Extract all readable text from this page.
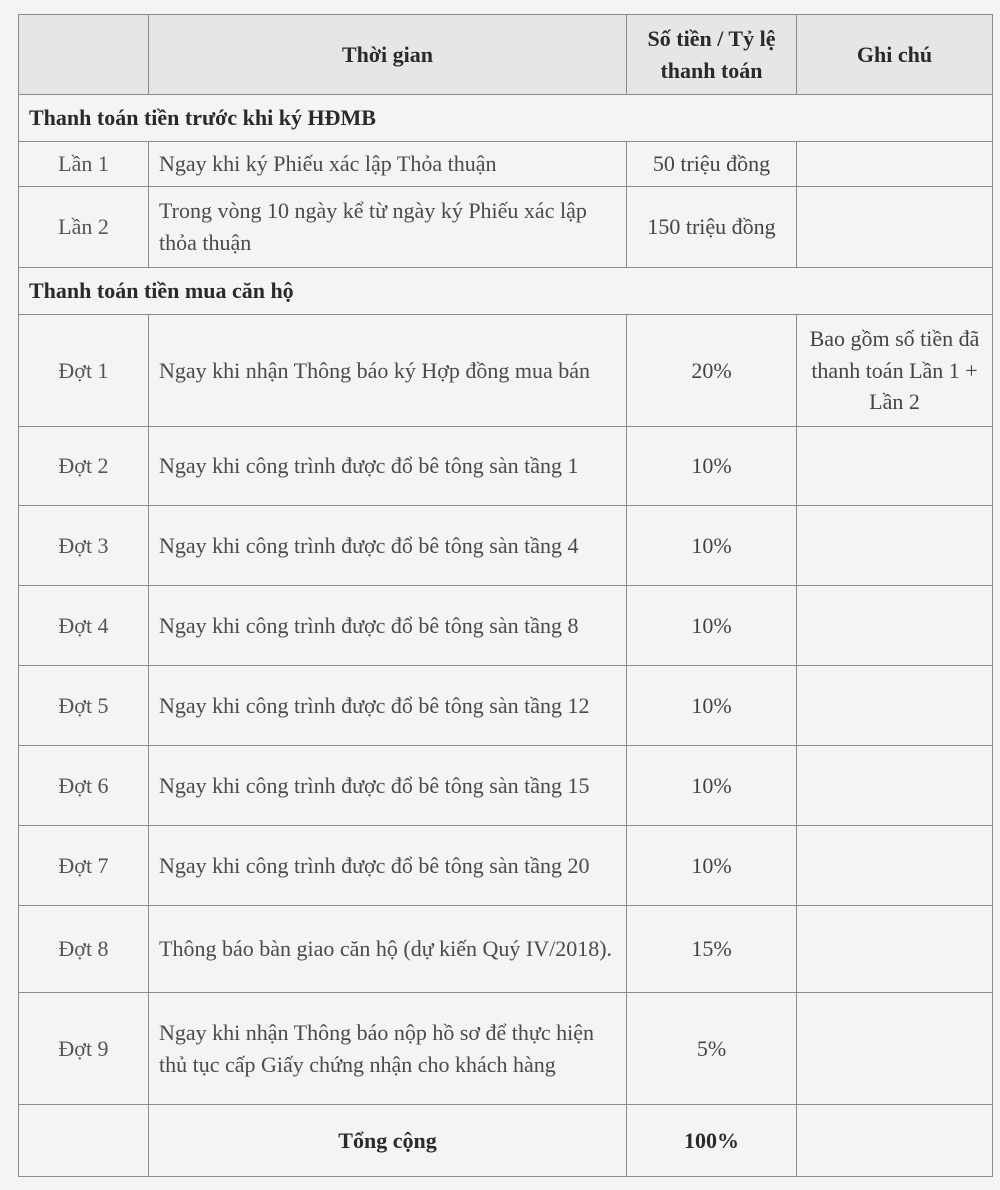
	Thời gian	Số tiền / Tỷ lệ thanh toán	Ghi chú
Thanh toán tiền trước khi ký HĐMB			
Lần 1	Ngay khi ký Phiếu xác lập Thỏa thuận	50 triệu đồng	
Lần 2	Trong vòng 10 ngày kể từ ngày ký Phiếu xác lập thỏa thuận	150 triệu đồng	
Thanh toán tiền mua căn hộ			
Đợt 1	Ngay khi nhận Thông báo ký Hợp đồng mua bán	20%	Bao gồm số tiền đã thanh toán Lần 1 + Lần 2
Đợt 2	Ngay khi công trình được đổ bê tông sàn tầng 1	10%	
Đợt 3	Ngay khi công trình được đổ bê tông sàn tầng 4	10%	
Đợt 4	Ngay khi công trình được đổ bê tông sàn tầng 8	10%	
Đợt 5	Ngay khi công trình được đổ bê tông sàn tầng 12	10%	
Đợt 6	Ngay khi công trình được đổ bê tông sàn tầng 15	10%	
Đợt 7	Ngay khi công trình được đổ bê tông sàn tầng 20	10%	
Đợt 8	Thông báo bàn giao căn hộ (dự kiến Quý IV/2018).	15%	
Đợt 9	Ngay khi nhận Thông báo nộp hồ sơ để thực hiện thủ tục cấp Giấy chứng nhận cho khách hàng	5%	
	Tổng cộng	100%	
